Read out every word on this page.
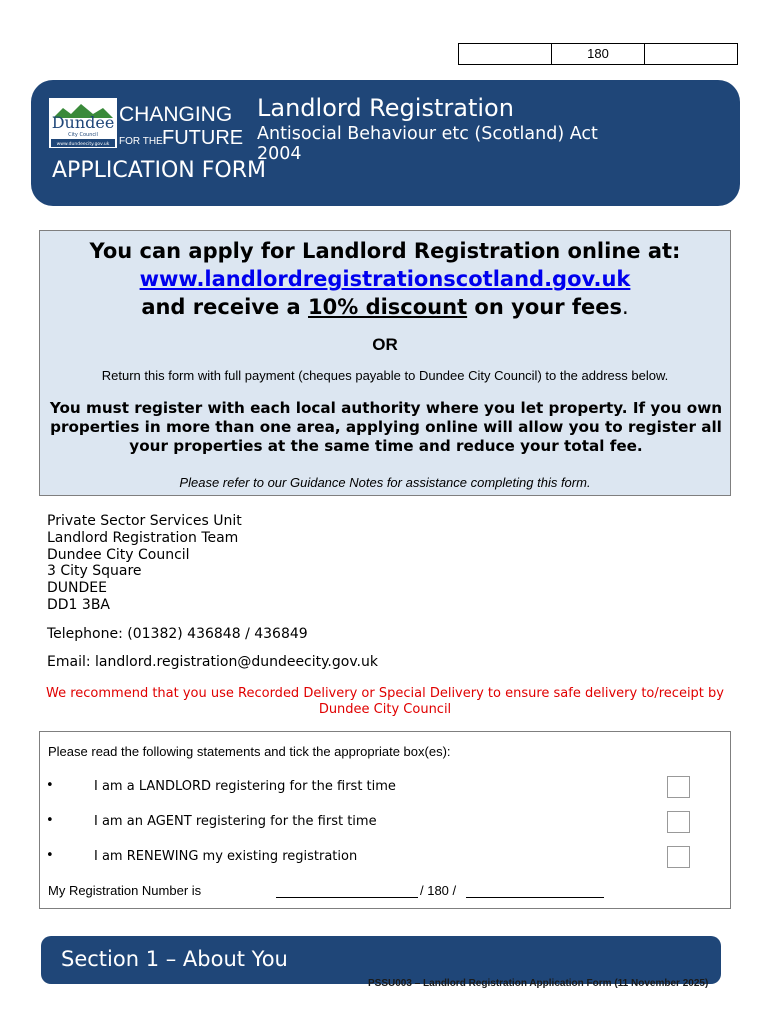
180
Dundee
City Council
www.dundeecity.gov.uk
CHANGING
FOR THE FUTURE
Landlord Registration
Antisocial Behaviour etc (Scotland) Act
2004
APPLICATION FORM
You can apply for Landlord Registration online at:
www.landlordregistrationscotland.gov.uk
and receive a 10% discount on your fees.
OR
Return this form with full payment (cheques payable to Dundee City Council) to the address below.
You must register with each local authority where you let property. If you own properties in more than one area, applying online will allow you to register all your properties at the same time and reduce your total fee.
Please refer to our Guidance Notes for assistance completing this form.
Private Sector Services Unit
Landlord Registration Team
Dundee City Council
3 City Square
DUNDEE
DD1 3BA
Telephone: (01382) 436848 / 436849
Email: landlord.registration@dundeecity.gov.uk
We recommend that you use Recorded Delivery or Special Delivery to ensure safe delivery to/receipt by Dundee City Council
Please read the following statements and tick the appropriate box(es):
•	I am a LANDLORD registering for the first time
•	I am an AGENT registering for the first time
•	I am RENEWING my existing registration
My Registration Number is	/ 180 /
Section 1 – About You
PSSU003 – Landlord Registration Application Form (11 November 2025)
